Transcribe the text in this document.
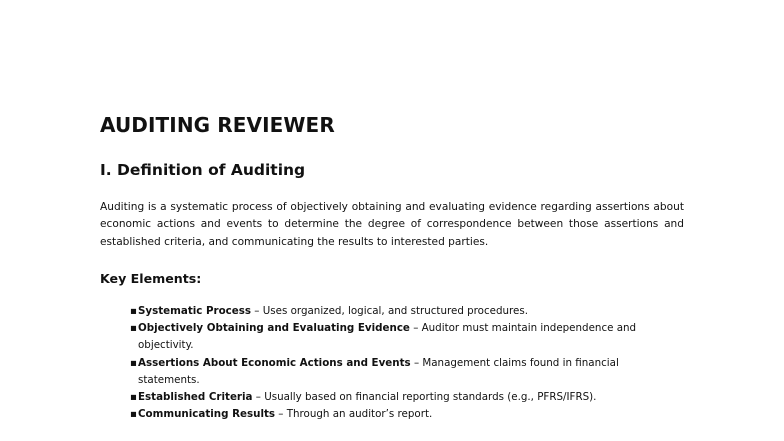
AUDITING REVIEWER
I. Definition of Auditing

Auditing is a systematic process of objectively obtaining and evaluating evidence regarding assertions about economic actions and events to determine the degree of correspondence between those assertions and established criteria, and communicating the results to interested parties.

Key Elements:
▪ Systematic Process – Uses organized, logical, and structured procedures.
▪ Objectively Obtaining and Evaluating Evidence – Auditor must maintain independence and objectivity.
▪ Assertions About Economic Actions and Events – Management claims found in financial statements.
▪ Established Criteria – Usually based on financial reporting standards (e.g., PFRS/IFRS).
▪ Communicating Results – Through an auditor’s report.
